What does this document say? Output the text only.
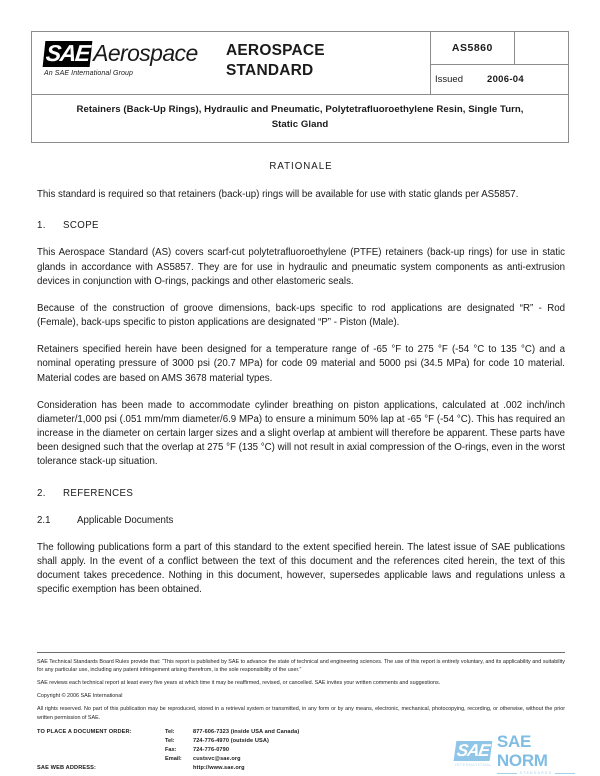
SAE Aerospace
An SAE International Group
AEROSPACE
STANDARD
AS5860
Issued	2006-04
Retainers (Back-Up Rings), Hydraulic and Pneumatic, Polytetrafluoroethylene Resin, Single Turn, Static Gland
RATIONALE

This standard is required so that retainers (back-up) rings will be available for use with static glands per AS5857.

1. SCOPE

This Aerospace Standard (AS) covers scarf-cut polytetrafluoroethylene (PTFE) retainers (back-up rings) for use in static glands in accordance with AS5857. They are for use in hydraulic and pneumatic system components as anti-extrusion devices in conjunction with O-rings, packings and other elastomeric seals.

Because of the construction of groove dimensions, back-ups specific to rod applications are designated “R” - Rod (Female), back-ups specific to piston applications are designated “P” - Piston (Male).

Retainers specified herein have been designed for a temperature range of -65 °F to 275 °F (-54 °C to 135 °C) and a nominal operating pressure of 3000 psi (20.7 MPa) for code 09 material and 5000 psi (34.5 MPa) for code 10 material. Material codes are based on AMS 3678 material types.

Consideration has been made to accommodate cylinder breathing on piston applications, calculated at .002 inch/inch diameter/1,000 psi (.051 mm/mm diameter/6.9 MPa) to ensure a minimum 50% lap at -65 °F (-54 °C). This has required an increase in the diameter on certain larger sizes and a slight overlap at ambient will therefore be apparent. These parts have been designed such that the overlap at 275 °F (135 °C) will not result in axial compression of the O-rings, even in the worst tolerance stack-up situation.

2. REFERENCES
2.1	Applicable Documents

The following publications form a part of this standard to the extent specified herein. The latest issue of SAE publications shall apply. In the event of a conflict between the text of this document and the references cited herein, the text of this document takes precedence. Nothing in this document, however, supersedes applicable laws and regulations unless a specific exemption has been obtained.

SAE Technical Standards Board Rules provide that: “This report is published by SAE to advance the state of technical and engineering sciences. The use of this report is entirely voluntary, and its applicability and suitability for any particular use, including any patent infringement arising therefrom, is the sole responsibility of the user.”
SAE reviews each technical report at least every five years at which time it may be reaffirmed, revised, or cancelled. SAE invites your written comments and suggestions.
Copyright © 2006 SAE International
All rights reserved. No part of this publication may be reproduced, stored in a retrieval system or transmitted, in any form or by any means, electronic, mechanical, photocopying, recording, or otherwise, without the prior written permission of SAE.
TO PLACE A DOCUMENT ORDER:	Tel:	877-606-7323 (inside USA and Canada)
Tel:	724-776-4970 (outside USA)
Fax:	724-776-0790
Email:	custsvc@sae.org
SAE WEB ADDRESS:	http://www.sae.org
SAE
INTERNATIONAL
SAE NORM
STANDARDS
